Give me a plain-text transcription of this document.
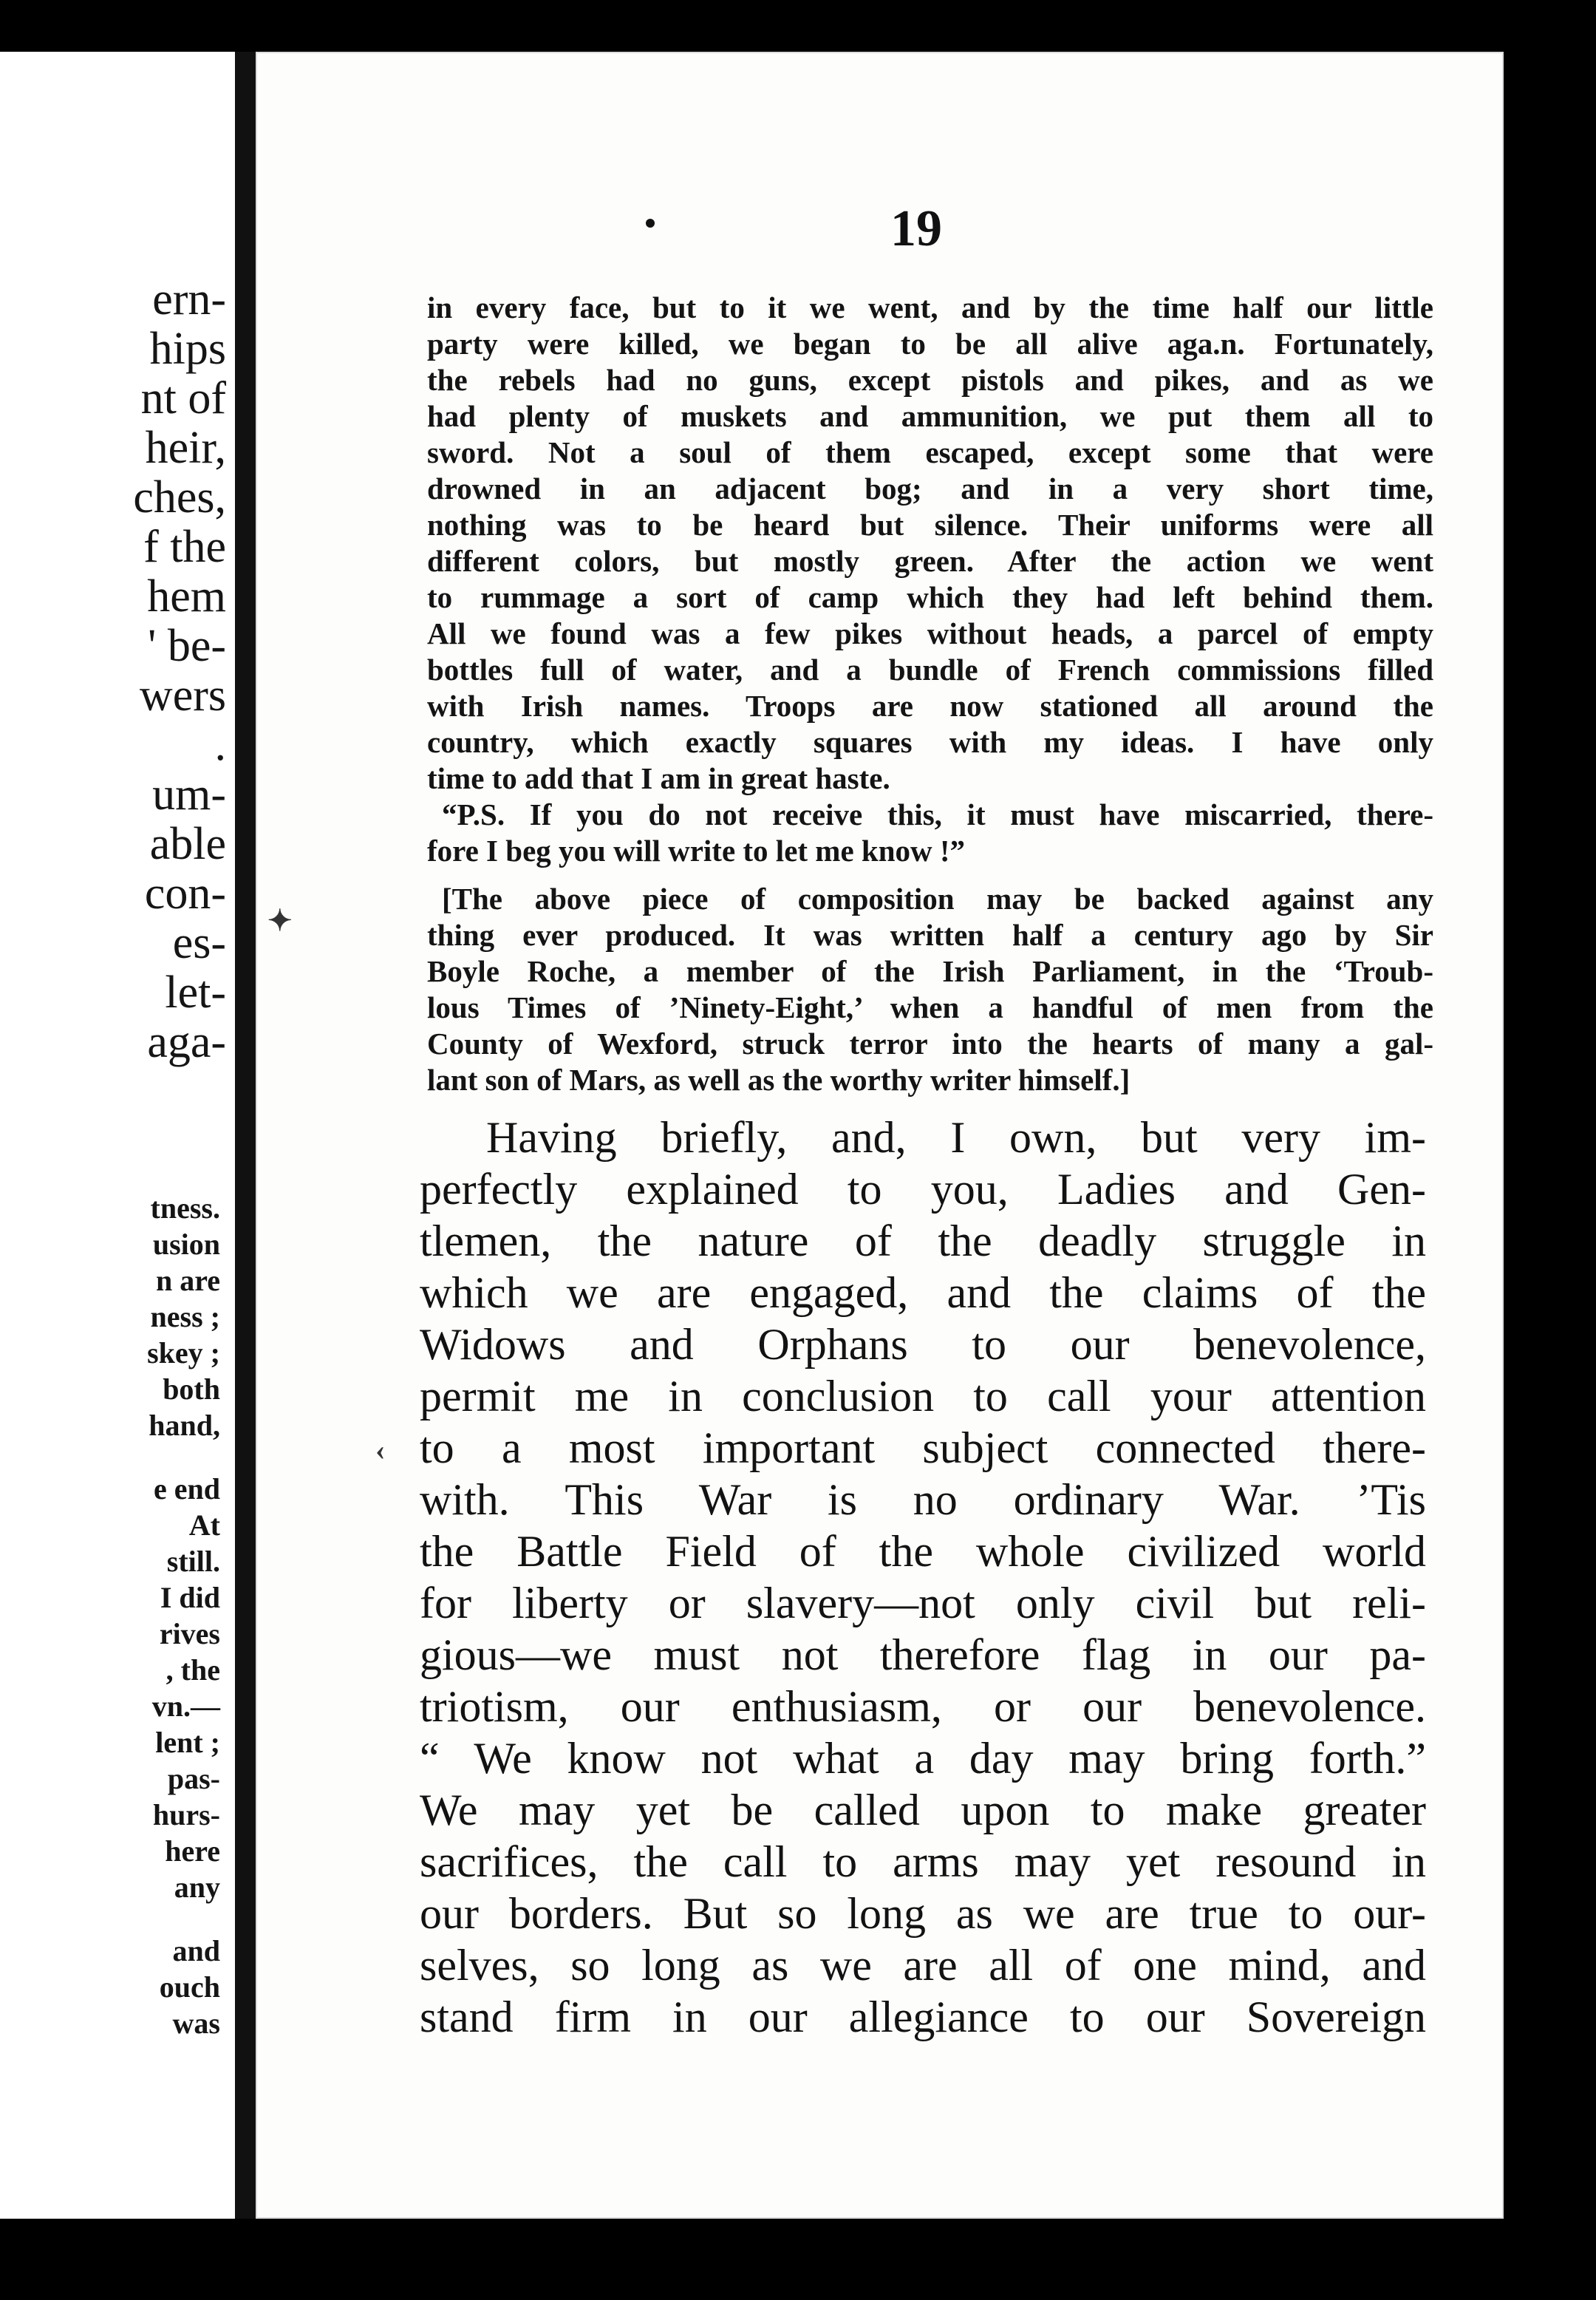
ern-
hips
nt of
heir,
ches,
f the
hem
' be-
wers
.
um-
able
con-
es-
let-
aga-
tness.
usion
n are
ness ;
skey ;
both
hand,
e end
At
still.
I did
rives
, the
vn.—
lent ;
pas-
hurs-
here
any
and
ouch
was
19
in every face, but to it we went, and by the time half our little
party were killed, we began to be all alive aga.n. Fortunately,
the rebels had no guns, except pistols and pikes, and as we
had plenty of muskets and ammunition, we put them all to
sword. Not a soul of them escaped, except some that were
drowned in an adjacent bog; and in a very short time,
nothing was to be heard but silence. Their uniforms were all
different colors, but mostly green. After the action we went
to rummage a sort of camp which they had left behind them.
All we found was a few pikes without heads, a parcel of empty
bottles full of water, and a bundle of French commissions filled
with Irish names. Troops are now stationed all around the
country, which exactly squares with my ideas. I have only
time to add that I am in great haste.
“P.S. If you do not receive this, it must have miscarried, there-
fore I beg you will write to let me know !”
[The above piece of composition may be backed against any
thing ever produced. It was written half a century ago by Sir
Boyle Roche, a member of the Irish Parliament, in the ‘Troub-
lous Times of ’Ninety-Eight,’ when a handful of men from the
County of Wexford, struck terror into the hearts of many a gal-
lant son of Mars, as well as the worthy writer himself.]
✦
‹
Having briefly, and, I own, but very im-
perfectly explained to you, Ladies and Gen-
tlemen, the nature of the deadly struggle in
which we are engaged, and the claims of the
Widows and Orphans to our benevolence,
permit me in conclusion to call your attention
to a most important subject connected there-
with. This War is no ordinary War. ’Tis
the Battle Field of the whole civilized world
for liberty or slavery—not only civil but reli-
gious—we must not therefore flag in our pa-
triotism, our enthusiasm, or our benevolence.
“ We know not what a day may bring forth.”
We may yet be called upon to make greater
sacrifices, the call to arms may yet resound in
our borders. But so long as we are true to our-
selves, so long as we are all of one mind, and
stand firm in our allegiance to our Sovereign
